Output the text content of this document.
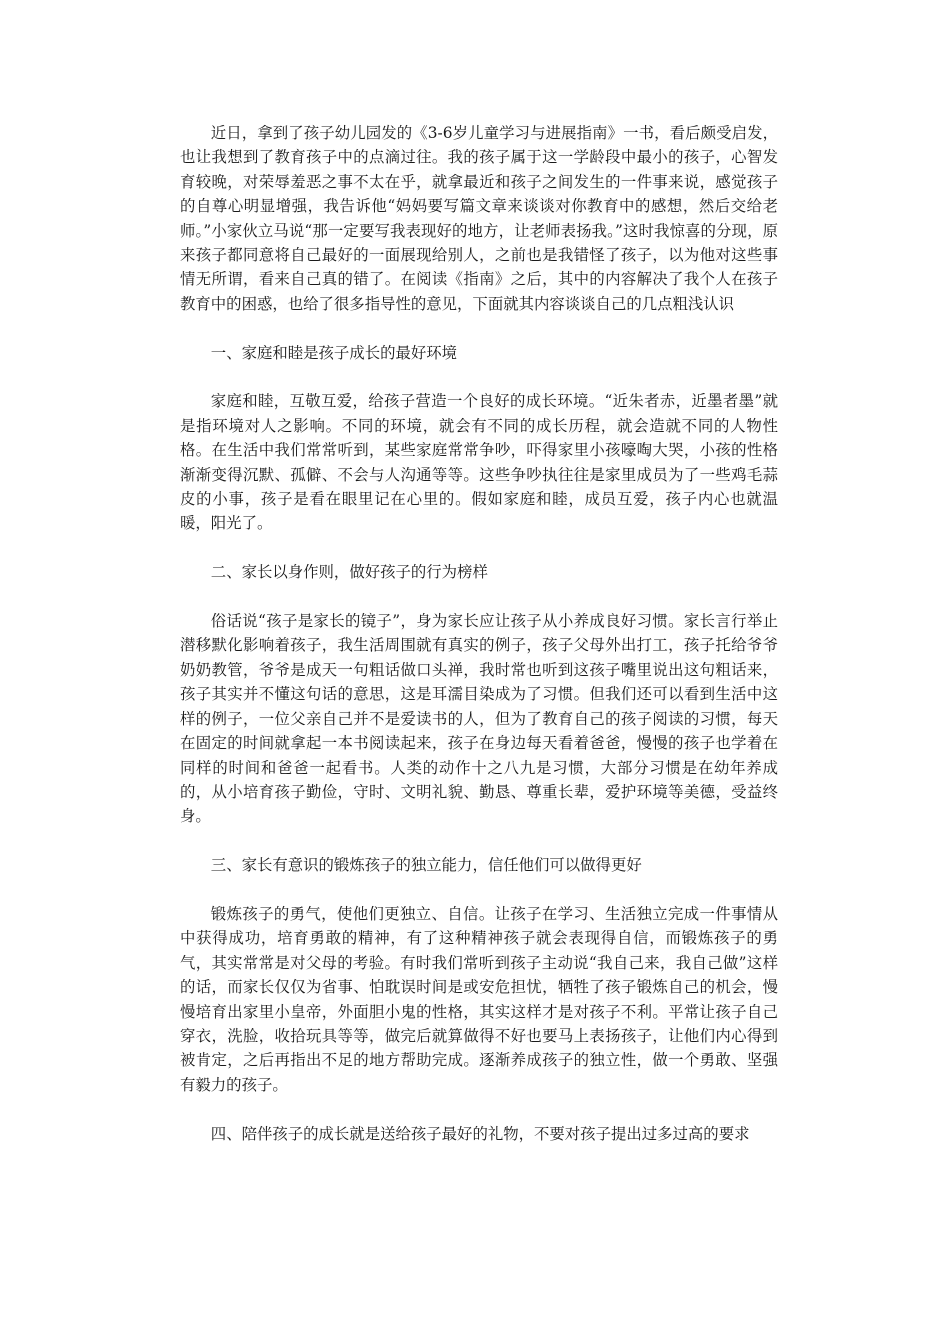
近日，拿到了孩子幼儿园发的《3-6岁儿童学习与进展指南》一书，看后颇受启发，也让我想到了教育孩子中的点滴过往。我的孩子属于这一学龄段中最小的孩子，心智发育较晚，对荣辱羞恶之事不太在乎，就拿最近和孩子之间发生的一件事来说，感觉孩子的自尊心明显增强，我告诉他“妈妈要写篇文章来谈谈对你教育中的感想，然后交给老师。”小家伙立马说“那一定要写我表现好的地方，让老师表扬我。”这时我惊喜的分现，原来孩子都同意将自己最好的一面展现给别人，之前也是我错怪了孩子，以为他对这些事情无所谓，看来自己真的错了。在阅读《指南》之后，其中的内容解决了我个人在孩子教育中的困惑，也给了很多指导性的意见，下面就其内容谈谈自己的几点粗浅认识

一、家庭和睦是孩子成长的最好环境

家庭和睦，互敬互爱，给孩子营造一个良好的成长环境。“近朱者赤，近墨者墨”就是指环境对人之影响。不同的环境，就会有不同的成长历程，就会造就不同的人物性格。在生活中我们常常听到，某些家庭常常争吵，吓得家里小孩嚎啕大哭，小孩的性格渐渐变得沉默、孤僻、不会与人沟通等等。这些争吵执往往是家里成员为了一些鸡毛蒜皮的小事，孩子是看在眼里记在心里的。假如家庭和睦，成员互爱，孩子内心也就温暖，阳光了。

二、家长以身作则，做好孩子的行为榜样

俗话说“孩子是家长的镜子”，身为家长应让孩子从小养成良好习惯。家长言行举止潜移默化影响着孩子，我生活周围就有真实的例子，孩子父母外出打工，孩子托给爷爷奶奶教管，爷爷是成天一句粗话做口头禅，我时常也听到这孩子嘴里说出这句粗话来，孩子其实并不懂这句话的意思，这是耳濡目染成为了习惯。但我们还可以看到生活中这样的例子，一位父亲自己并不是爱读书的人，但为了教育自己的孩子阅读的习惯，每天在固定的时间就拿起一本书阅读起来，孩子在身边每天看着爸爸，慢慢的孩子也学着在同样的时间和爸爸一起看书。人类的动作十之八九是习惯，大部分习惯是在幼年养成的，从小培育孩子勤俭，守时、文明礼貌、勤恳、尊重长辈，爱护环境等美德，受益终身。

三、家长有意识的锻炼孩子的独立能力，信任他们可以做得更好

锻炼孩子的勇气，使他们更独立、自信。让孩子在学习、生活独立完成一件事情从中获得成功，培育勇敢的精神，有了这种精神孩子就会表现得自信，而锻炼孩子的勇气，其实常常是对父母的考验。有时我们常听到孩子主动说“我自己来，我自己做”这样的话，而家长仅仅为省事、怕耽误时间是或安危担忧，牺牲了孩子锻炼自己的机会，慢慢培育出家里小皇帝，外面胆小鬼的性格，其实这样才是对孩子不利。平常让孩子自己穿衣，洗脸，收拾玩具等等，做完后就算做得不好也要马上表扬孩子，让他们内心得到被肯定，之后再指出不足的地方帮助完成。逐渐养成孩子的独立性，做一个勇敢、坚强有毅力的孩子。

四、陪伴孩子的成长就是送给孩子最好的礼物，不要对孩子提出过多过高的要求
